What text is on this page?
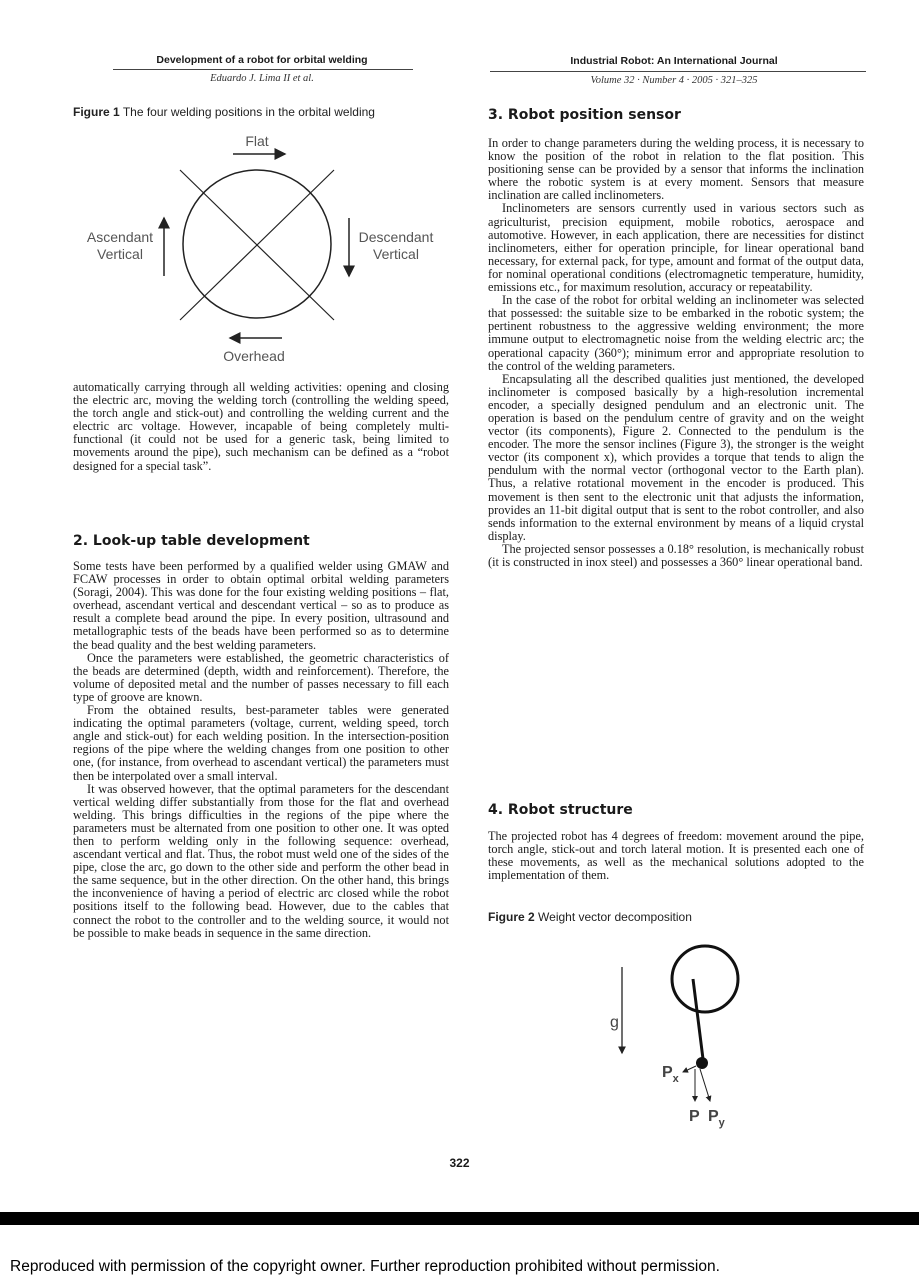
Development of a robot for orbital welding
Eduardo J. Lima II et al.
Industrial Robot: An International Journal
Volume 32 · Number 4 · 2005 · 321–325
Figure 1 The four welding positions in the orbital welding
Flat
Ascendant
Vertical
Descendant
Vertical
Overhead

automatically carrying through all welding activities: opening and closing the electric arc, moving the welding torch (controlling the welding speed, the torch angle and stick-out) and controlling the welding current and the electric arc voltage. However, incapable of being completely multi-functional (it could not be used for a generic task, being limited to movements around the pipe), such mechanism can be defined as a “robot designed for a special task”.

2. Look-up table development

Some tests have been performed by a qualified welder using GMAW and FCAW processes in order to obtain optimal orbital welding parameters (Soragi, 2004). This was done for the four existing welding positions – flat, overhead, ascendant vertical and descendant vertical – so as to produce as result a complete bead around the pipe. In every position, ultrasound and metallographic tests of the beads have been performed so as to determine the bead quality and the best welding parameters.

Once the parameters were established, the geometric characteristics of the beads are determined (depth, width and reinforcement). Therefore, the volume of deposited metal and the number of passes necessary to fill each type of groove are known.

From the obtained results, best-parameter tables were generated indicating the optimal parameters (voltage, current, welding speed, torch angle and stick-out) for each welding position. In the intersection-position regions of the pipe where the welding changes from one position to other one, (for instance, from overhead to ascendant vertical) the parameters must then be interpolated over a small interval.

It was observed however, that the optimal parameters for the descendant vertical welding differ substantially from those for the flat and overhead welding. This brings difficulties in the regions of the pipe where the parameters must be alternated from one position to other one. It was opted then to perform welding only in the following sequence: overhead, ascendant vertical and flat. Thus, the robot must weld one of the sides of the pipe, close the arc, go down to the other side and perform the other bead in the same sequence, but in the other direction. On the other hand, this brings the inconvenience of having a period of electric arc closed while the robot positions itself to the following bead. However, due to the cables that connect the robot to the controller and to the welding source, it would not be possible to make beads in sequence in the same direction.

3. Robot position sensor

In order to change parameters during the welding process, it is necessary to know the position of the robot in relation to the flat position. This positioning sense can be provided by a sensor that informs the inclination where the robotic system is at every moment. Sensors that measure inclination are called inclinometers.

Inclinometers are sensors currently used in various sectors such as agriculturist, precision equipment, mobile robotics, aerospace and automotive. However, in each application, there are necessities for distinct inclinometers, either for operation principle, for linear operational band necessary, for external pack, for type, amount and format of the output data, for nominal operational conditions (electromagnetic temperature, humidity, emissions etc., for maximum resolution, accuracy or repeatability.

In the case of the robot for orbital welding an inclinometer was selected that possessed: the suitable size to be embarked in the robotic system; the pertinent robustness to the aggressive welding environment; the more immune output to electromagnetic noise from the welding electric arc; the operational capacity (360°); minimum error and appropriate resolution to the control of the welding parameters.

Encapsulating all the described qualities just mentioned, the developed inclinometer is composed basically by a high-resolution incremental encoder, a specially designed pendulum and an electronic unit. The operation is based on the pendulum centre of gravity and on the weight vector (its components), Figure 2. Connected to the pendulum is the encoder. The more the sensor inclines (Figure 3), the stronger is the weight vector (its component x), which provides a torque that tends to align the pendulum with the normal vector (orthogonal vector to the Earth plan). Thus, a relative rotational movement in the encoder is produced. This movement is then sent to the electronic unit that adjusts the information, provides an 11-bit digital output that is sent to the robot controller, and also sends information to the external environment by means of a liquid crystal display.

The projected sensor possesses a 0.18° resolution, is mechanically robust (it is constructed in inox steel) and possesses a 360° linear operational band.

4. Robot structure

The projected robot has 4 degrees of freedom: movement around the pipe, torch angle, stick-out and torch lateral motion. It is presented each one of these movements, as well as the mechanical solutions adopted to the implementation of them.

Figure 2 Weight vector decomposition
g
$P_x$
P $P_y$
322
Reproduced with permission of the copyright owner. Further reproduction prohibited without permission.
